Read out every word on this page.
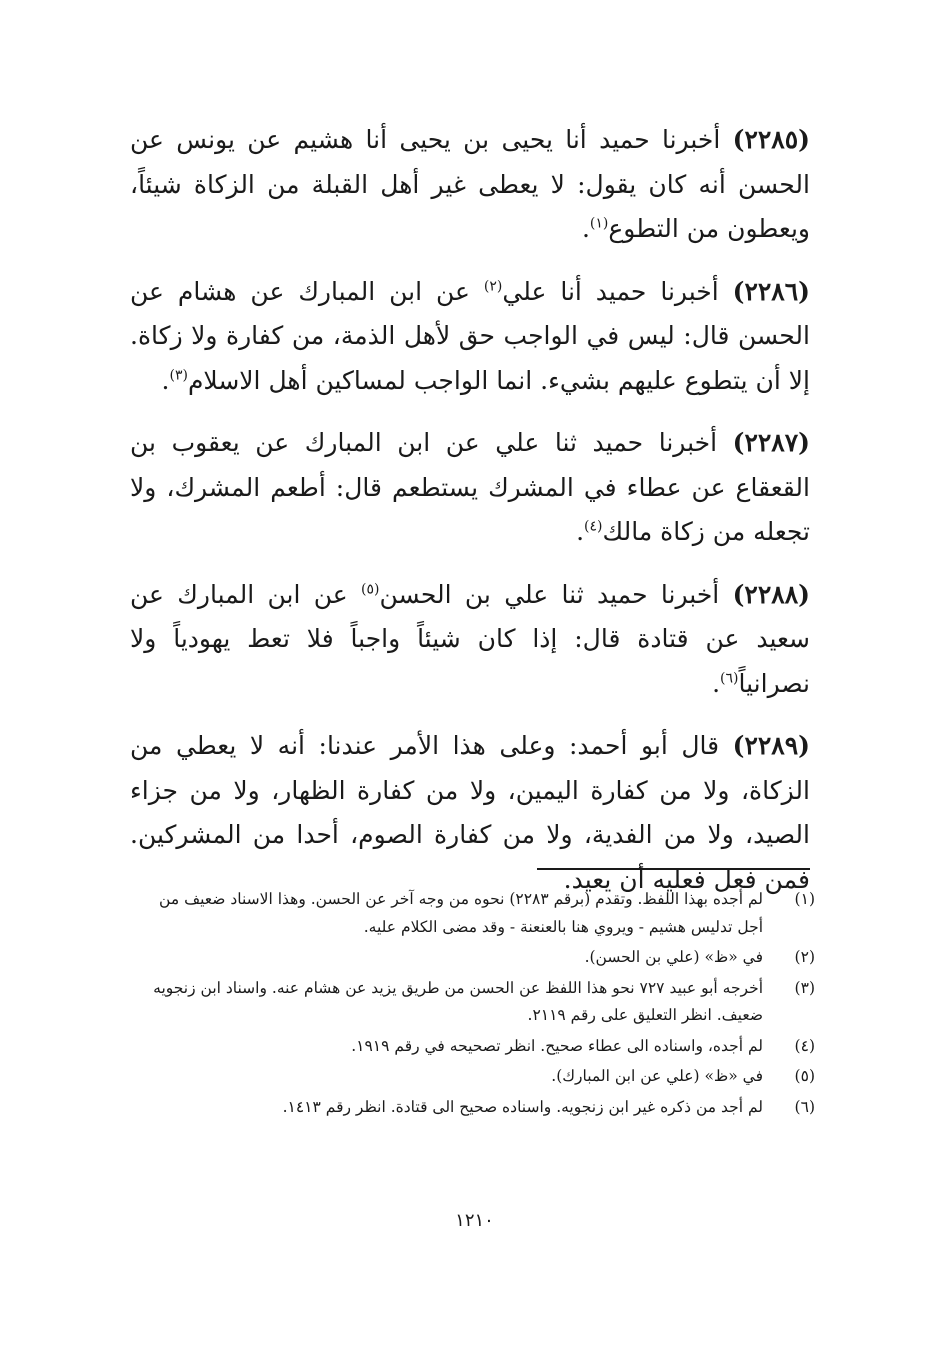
(٢٢٨٥) أخبرنا حميد أنا يحيى بن يحيى أنا هشيم عن يونس عن الحسن أنه كان يقول: لا يعطى غير أهل القبلة من الزكاة شيئاً، ويعطون من التطوع$^{(١)}$.

(٢٢٨٦) أخبرنا حميد أنا علي$^{(٢)}$ عن ابن المبارك عن هشام عن الحسن قال: ليس في الواجب حق لأهل الذمة، من كفارة ولا زكاة. إلا أن يتطوع عليهم بشيء. انما الواجب لمساكين أهل الاسلام$^{(٣)}$.

(٢٢٨٧) أخبرنا حميد ثنا علي عن ابن المبارك عن يعقوب بن القعقاع عن عطاء في المشرك يستطعم قال: أطعم المشرك، ولا تجعله من زكاة مالك$^{(٤)}$.

(٢٢٨٨) أخبرنا حميد ثنا علي بن الحسن$^{(٥)}$ عن ابن المبارك عن سعيد عن قتادة قال: إذا كان شيئاً واجباً فلا تعط يهودياً ولا نصرانياً$^{(٦)}$.

(٢٢٨٩) قال أبو أحمد: وعلى هذا الأمر عندنا: أنه لا يعطي من الزكاة، ولا من كفارة اليمين، ولا من كفارة الظهار، ولا من جزاء الصيد، ولا من الفدية، ولا من كفارة الصوم، أحدا من المشركين. فمن فعل فعليه أن يعيد.

(١)
لم أجده بهذا اللفظ. وتقدم (برقم ٢٢٨٣) نحوه من وجه آخر عن الحسن. وهذا الاسناد ضعيف من أجل تدليس هشيم - ويروي هنا بالعنعنة - وقد مضى الكلام عليه.
(٢)
في «ظ» (علي بن الحسن).
(٣)
أخرجه أبو عبيد ٧٢٧ نحو هذا اللفظ عن الحسن من طريق يزيد عن هشام عنه. واسناد ابن زنجويه ضعيف. انظر التعليق على رقم ٢١١٩.
(٤)
لم أجده، واسناده الى عطاء صحيح. انظر تصحيحه في رقم ١٩١٩.
(٥)
في «ظ» (علي عن ابن المبارك).
(٦)
لم أجد من ذكره غير ابن زنجويه. واسناده صحيح الى قتادة. انظر رقم ١٤١٣.
١٢١٠
